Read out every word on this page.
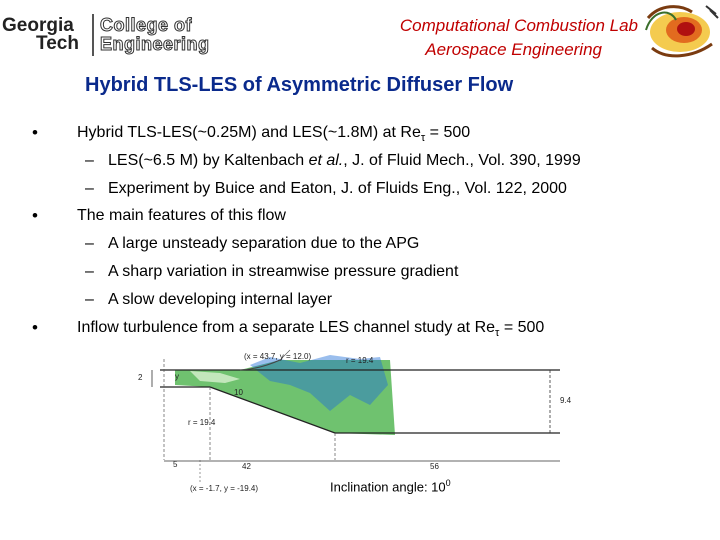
Georgia
Tech
College of
Engineering
Computational Combustion Lab
Aerospace Engineering
Hybrid TLS-LES of Asymmetric Diffuser Flow
• Hybrid TLS-LES(~0.25M) and LES(~1.8M) at $Re_\tau = 500$
– LES(~6.5 M) by Kaltenbach et al., J. of Fluid Mech., Vol. 390, 1999
– Experiment by Buice and Eaton, J. of Fluids Eng., Vol. 122, 2000
• The main features of this flow
– A large unsteady separation due to the APG
– A sharp variation in streamwise pressure gradient
– A slow developing internal layer
• Inflow turbulence from a separate LES channel study at $Re_\tau = 500$
(x = 43.7, y = 12.0)	r = 19.4
y
2
10
9.4
r = 19.4
5	42	56
(x = -1.7, y = -19.4)	Inclination angle: $10^0$
